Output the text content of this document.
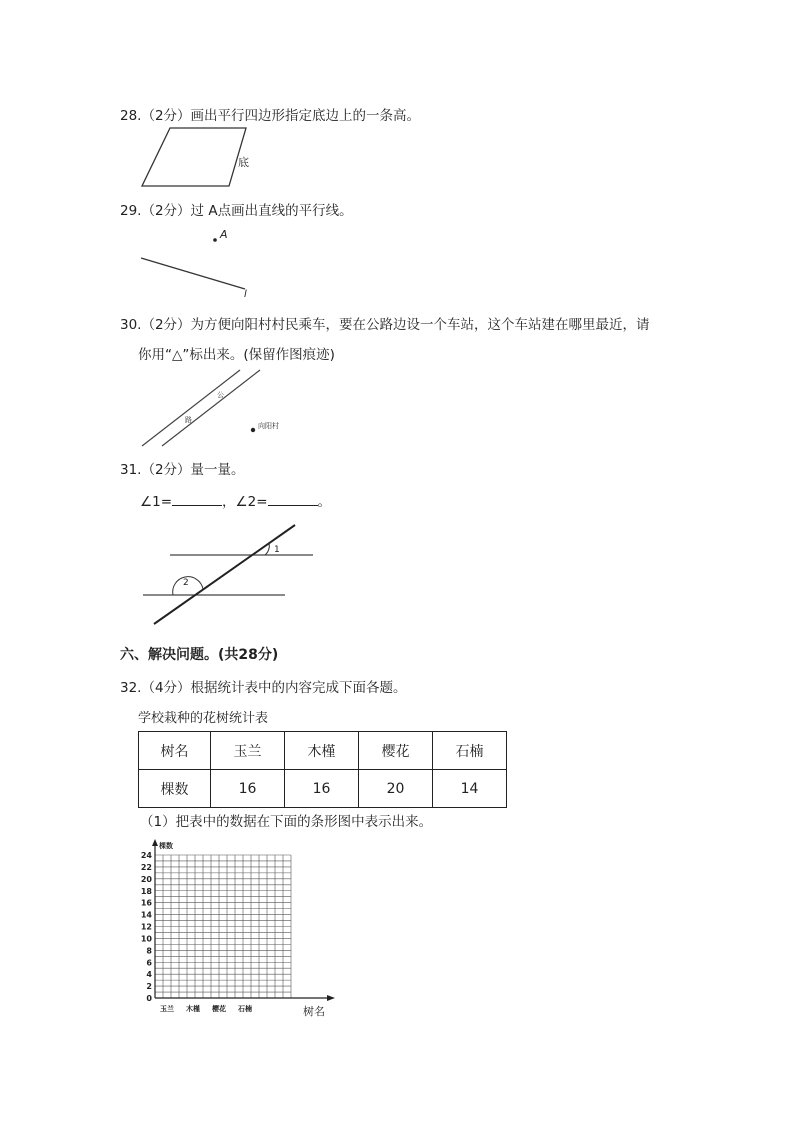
28.（2分）画出平行四边形指定底边上的一条高。
底
29.（2分）过 A点画出直线的平行线。
A
l
30.（2分）为方便向阳村村民乘车，要在公路边设一个车站，这个车站建在哪里最近，请
你用“△”标出来。(保留作图痕迹)
公
路
向阳村
31.（2分）量一量。
∠1=	，∠2=	。
1
2
六、解决问题。(共28分)
32.（4分）根据统计表中的内容完成下面各题。
学校栽种的花树统计表
树名	玉兰	木槿	樱花	石楠
棵数	16	16	20	14
（1）把表中的数据在下面的条形图中表示出来。
0
2
4
6
8
10
12
14
16
18
20
22
24
棵数
玉兰 木槿 樱花 石楠	树名
